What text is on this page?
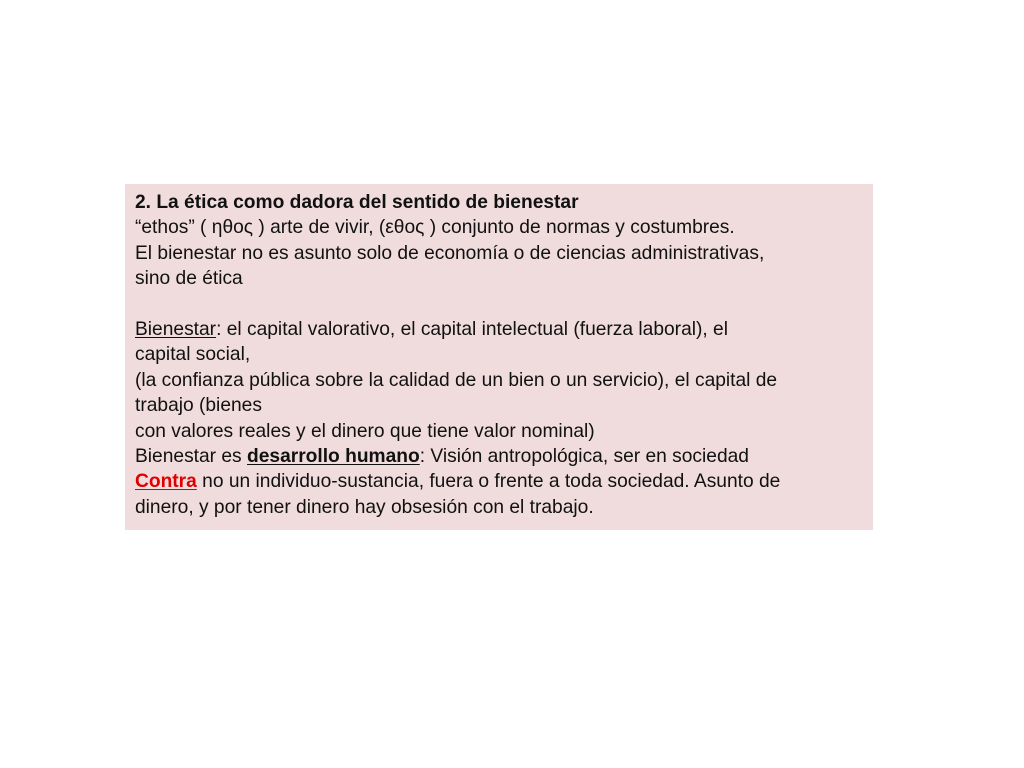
2. La ética como dadora del sentido de bienestar
“ethos” ( ηθος ) arte de vivir, (εθος ) conjunto de normas y costumbres.
El bienestar no es asunto solo de economía o de ciencias administrativas,
sino de ética
Bienestar: el capital valorativo, el capital intelectual (fuerza laboral), el
capital social,
(la confianza pública sobre la calidad de un bien o un servicio), el capital de
trabajo (bienes
con valores reales y el dinero que tiene valor nominal)
Bienestar es desarrollo humano: Visión antropológica, ser en sociedad
Contra no un individuo-sustancia, fuera o frente a toda sociedad. Asunto de
dinero, y por tener dinero hay obsesión con el trabajo.
